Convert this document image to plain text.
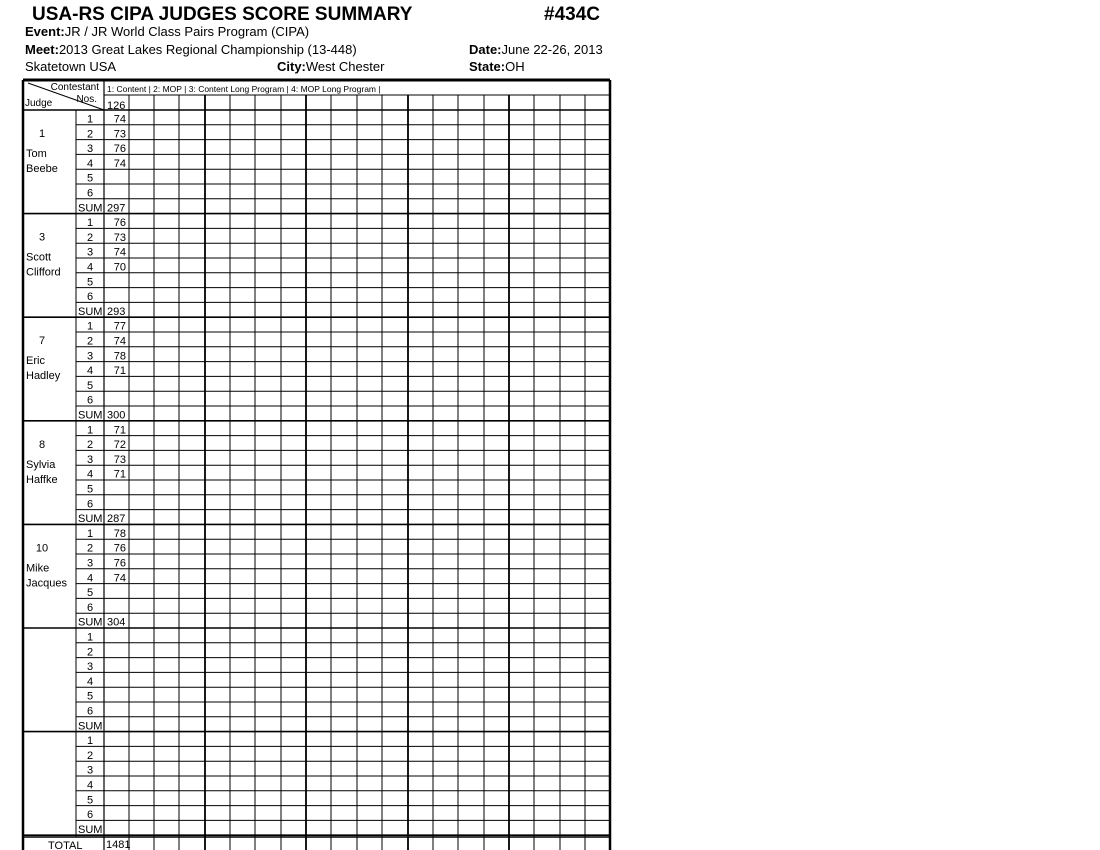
USA-RS CIPA JUDGES SCORE SUMMARY	#434C
Event:JR / JR World Class Pairs Program (CIPA)
Meet:2013 Great Lakes Regional Championship (13-448)	Date:June 22-26, 2013
Skatetown USA	City:West Chester	State:OH
Contestant
Nos.
Judge
1: Content | 2: MOP | 3: Content Long Program | 4: MOP Long Program |
126
1
Tom
Beebe
1 74
2 73
3 76
4 74
5
6
SUM 297
3
Scott
Clifford
1 76
2 73
3 74
4 70
5
6
SUM 293
7
Eric
Hadley
1 77
2 74
3 78
4 71
5
6
SUM 300
8
Sylvia
Haffke
1 71
2 72
3 73
4 71
5
6
SUM 287
10
Mike
Jacques
1 78
2 76
3 76
4 74
5
6
SUM 304
1
2
3
4
5
6
SUM
1
2
3
4
5
6
SUM
TOTAL 1481
